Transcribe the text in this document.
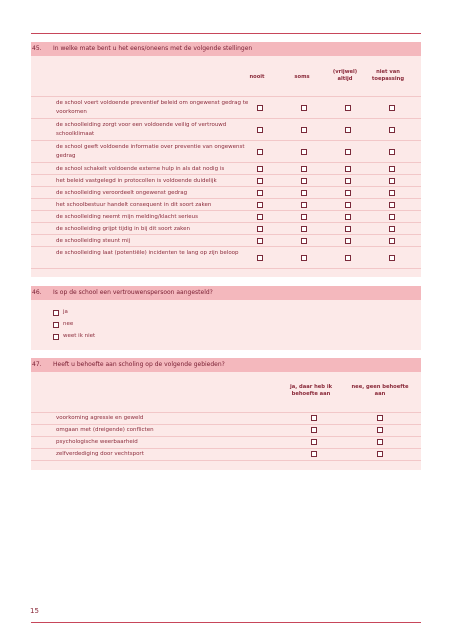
45. In welke mate bent u het eens/oneens met de volgende stellingen
nooit	soms
(vrijwel) altijd
niet van toepassing
de school voert voldoende preventief beleid om ongewenst gedrag te voorkomen
de schoolleiding zorgt voor een voldoende veilig of vertrouwd schoolklimaat
de school geeft voldoende informatie over preventie van ongewenst gedrag
de school schakelt voldoende externe hulp in als dat nodig is
het beleid vastgelegd in protocollen is voldoende duidelijk
de schoolleiding veroordeelt ongewenst gedrag
het schoolbestuur handelt consequent in dit soort zaken
de schoolleiding neemt mijn melding/klacht serieus
de schoolleiding grijpt tijdig in bij dit soort zaken
de schoolleiding steunt mij
de schoolleiding laat (potentiële) incidenten te lang op zijn beloop
46. Is op de school een vertrouwenspersoon aangesteld?
ja
nee
weet ik niet
47. Heeft u behoefte aan scholing op de volgende gebieden?
ja, daar heb ik behoefte aan
nee, geen behoefte aan
voorkoming agressie en geweld
omgaan met (dreigende) conflicten
psychologische weerbaarheid
zelfverdediging door vechtsport
15
